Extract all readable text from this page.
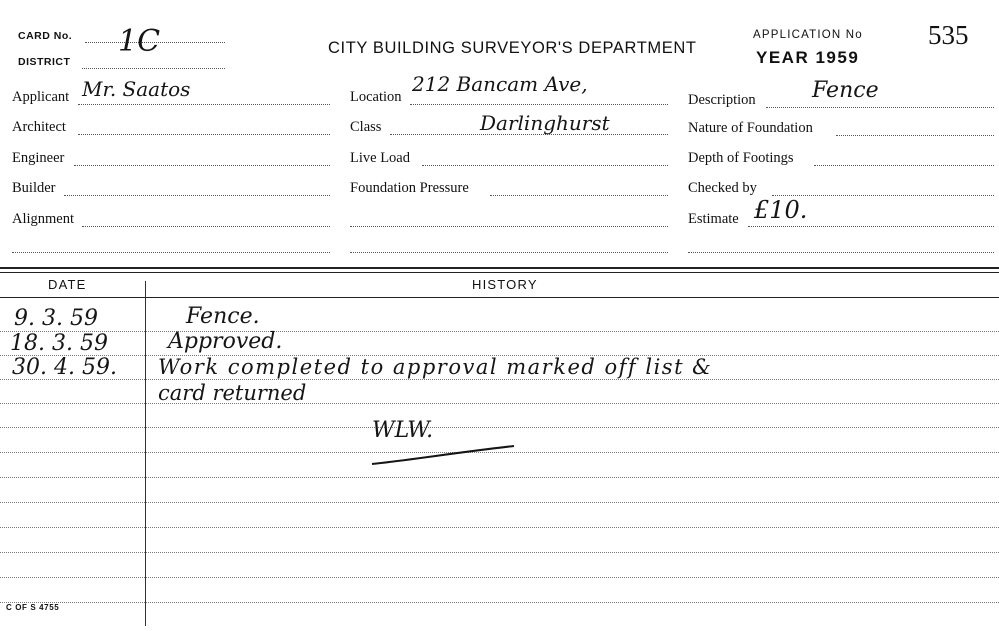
CARD No.
DISTRICT
1C	CITY BUILDING SURVEYOR'S DEPARTMENT
APPLICATION No 535
YEAR 1959
Applicant Mr. Saatos
Architect
Engineer
Builder
Alignment
Location
212 Bancam Ave,
Class	Darlinghurst
Live Load
Foundation Pressure
Description	Fence
Nature of Foundation
Depth of Footings
Checked by
Estimate £10.
DATE	HISTORY
9. 3. 59	Fence.
18. 3. 59	Approved.
30. 4. 59. Work completed to approval marked off list &
card returned
WLW.
C OF S 4755
